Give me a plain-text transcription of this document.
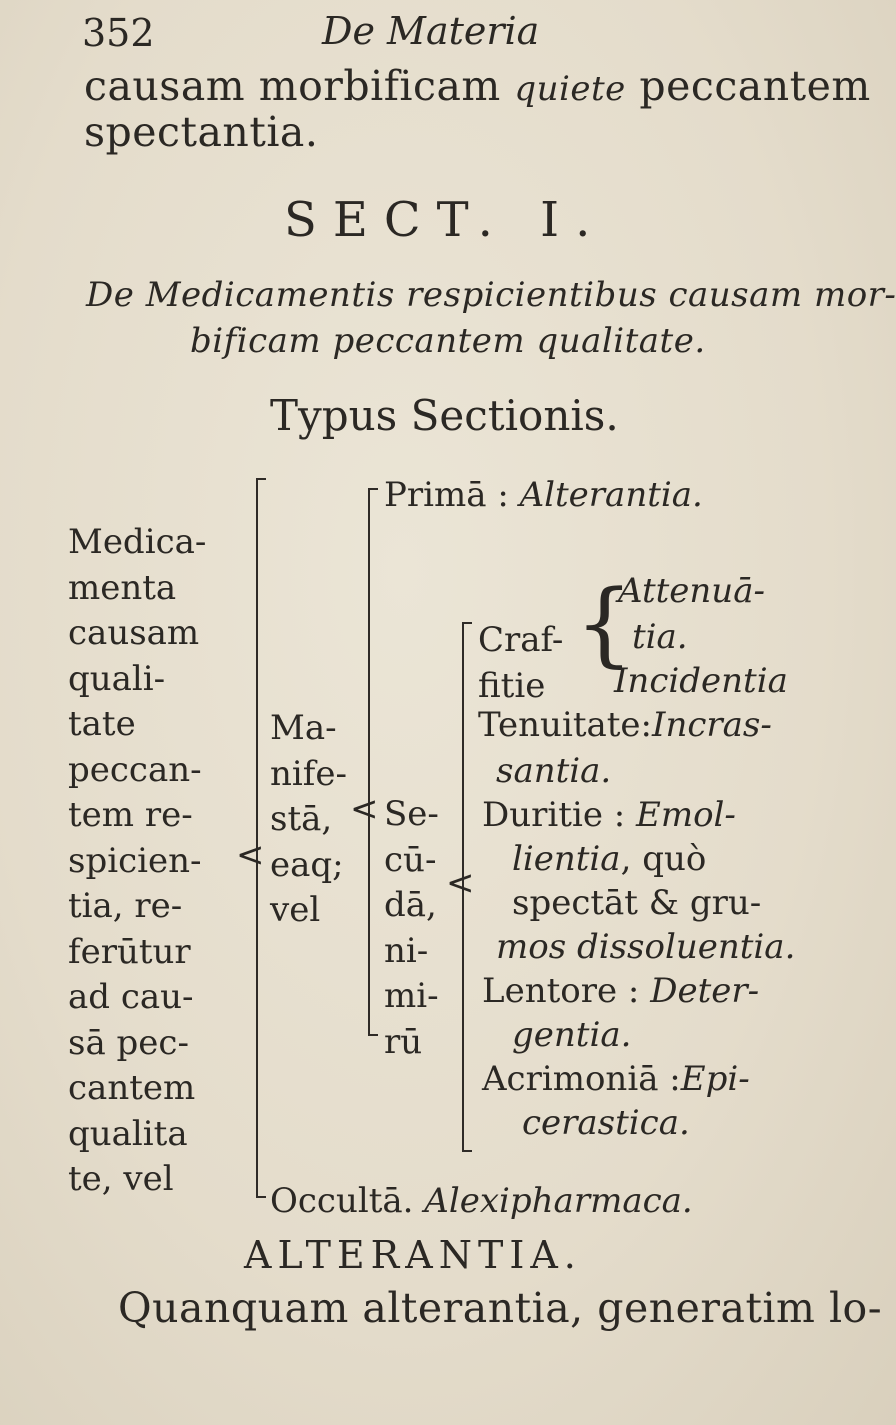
352	De Materia
causam morbificam quiete peccantem
spectantia.
SECT. I.
De Medicamentis respicientibus causam mor-
bificam peccantem qualitate.
Typus Sectionis.
Medica-
menta
causam
quali-
tate
peccan-
tem re-
spicien-
tia, re-
ferūtur
ad cau-
sā pec-
cantem
qualita
te, vel
<
Ma-
nife-
stā,
eaq;
vel
<
Primā : Alterantia.
Se-
cū-
dā,
ni-
mi-
rū
<
Craf-
fitie
{
Attenuā-
tia.
Incidentia
Tenuitate:Incras-
santia.
Duritie : Emol-
lientia, quò
spectāt & gru-
mos dissoluentia.
Lentore : Deter-
gentia.
Acrimoniā :Epi-
cerastica.
Occultā. Alexipharmaca.
ALTERANTIA.
Quanquam alterantia, generatim lo-
